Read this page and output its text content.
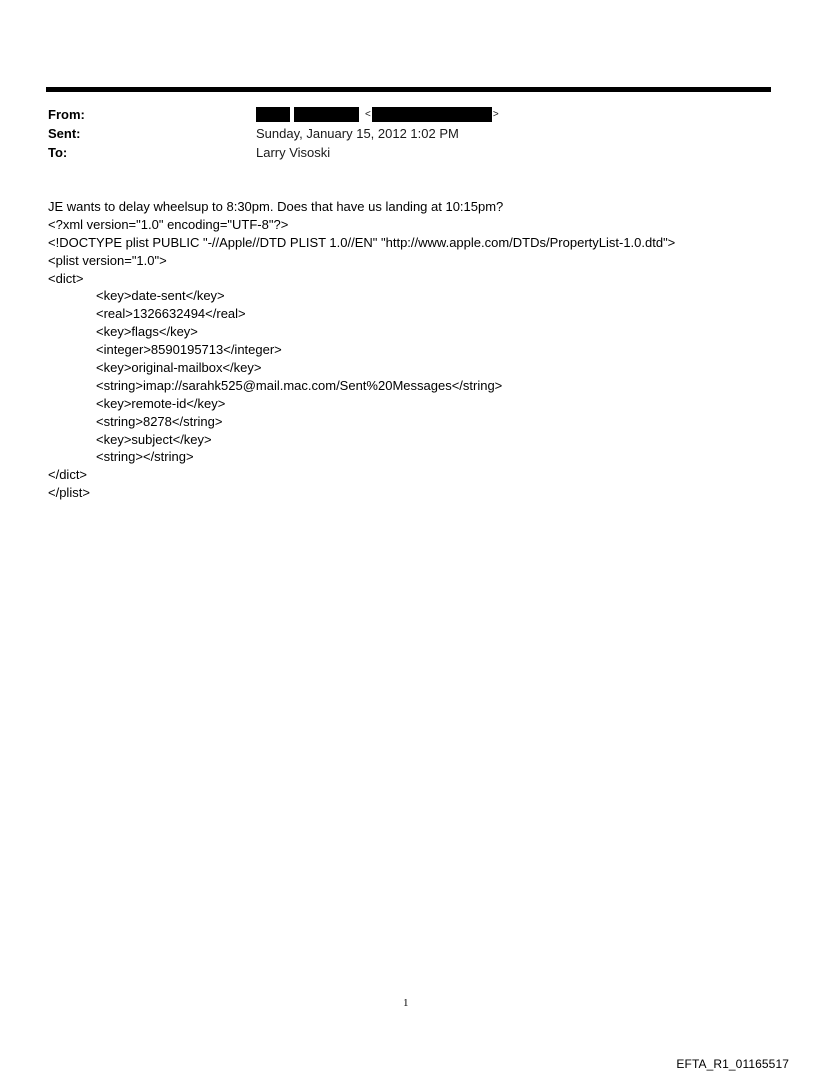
From:	<	>
Sent:	Sunday, January 15, 2012 1:02 PM
To:	Larry Visoski
JE wants to delay wheelsup to 8:30pm. Does that have us landing at 10:15pm?
<?xml version="1.0" encoding="UTF-8"?>
<!DOCTYPE plist PUBLIC "-//Apple//DTD PLIST 1.0//EN" "http://www.apple.com/DTDs/PropertyList-1.0.dtd">
<plist version="1.0">
<dict>
<key>date-sent</key>
<real>1326632494</real>
<key>flags</key>
<integer>8590195713</integer>
<key>original-mailbox</key>
<string>imap://sarahk525@mail.mac.com/Sent%20Messages</string>
<key>remote-id</key>
<string>8278</string>
<key>subject</key>
<string></string>
</dict>
</plist>
1
EFTA_R1_01165517
